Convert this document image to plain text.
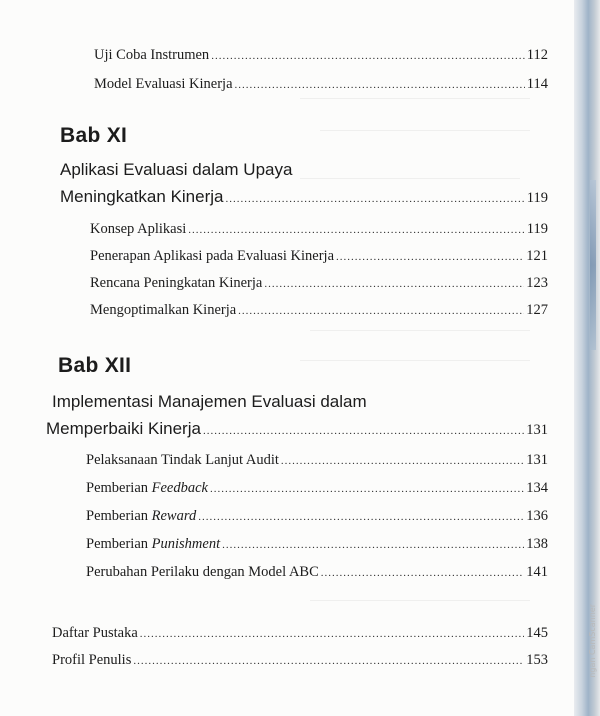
Uji Coba Instrumen .....	112
Model Evaluasi Kinerja .....	114
Bab XI
Aplikasi Evaluasi dalam Upaya
Meningkatkan Kinerja .....	119
Konsep Aplikasi .....	119
Penerapan Aplikasi pada Evaluasi Kinerja .....	121
Rencana Peningkatan Kinerja .....	123
Mengoptimalkan Kinerja .....	127
Bab XII
Implementasi Manajemen Evaluasi dalam
Memperbaiki Kinerja .....	131
Pelaksanaan Tindak Lanjut Audit .....	131
Pemberian Feedback .....	134
Pemberian Reward .....	136
Pemberian Punishment .....	138
Perubahan Perilaku dengan Model ABC .....	141
Daftar Pustaka .....	145
Profil Penulis .....	153	ngan CamScanner
